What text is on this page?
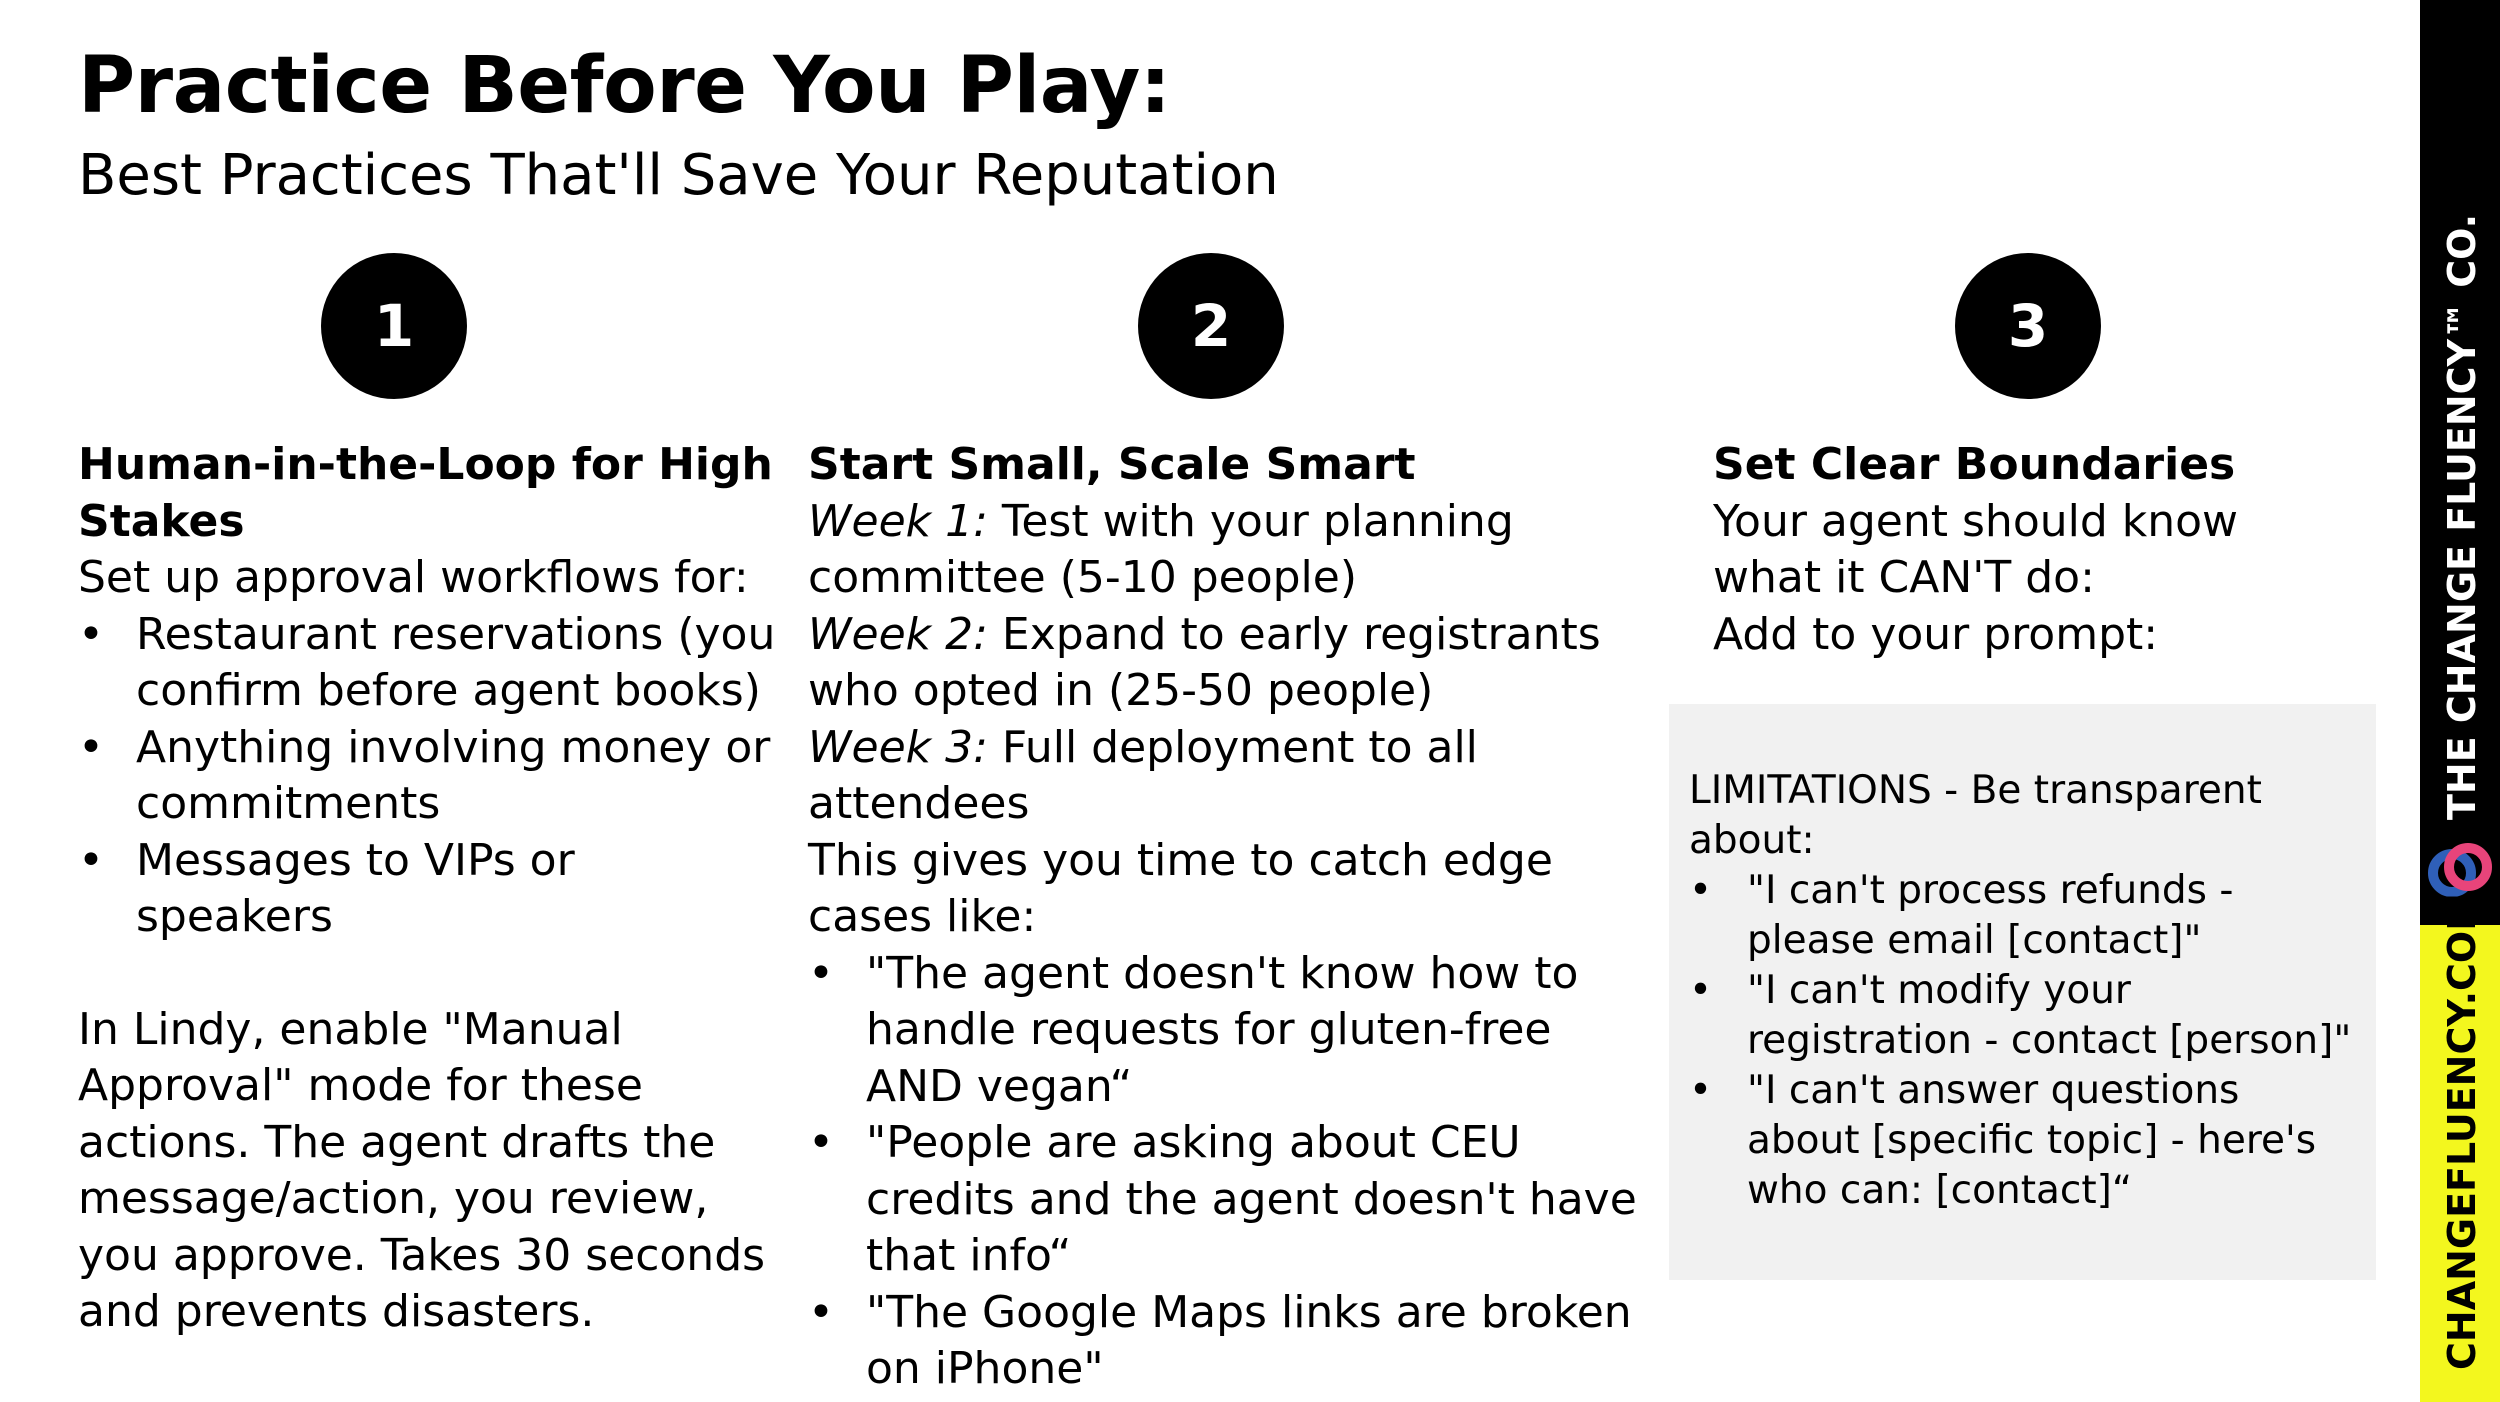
Practice Before You Play:
Best Practices That'll Save Your Reputation
1	2	3

Human-in-the-Loop for High Stakes

Set up approval workflows for:

• Restaurant reservations (you confirm before agent books)
• Anything involving money or commitments
• Messages to VIPs or speakers

In Lindy, enable "Manual Approval" mode for these actions. The agent drafts the message/action, you review, you approve. Takes 30 seconds and prevents disasters.

Start Small, Scale Smart

Week 1: Test with your planning committee (5-10 people)

Week 2: Expand to early registrants who opted in (25-50 people)

Week 3: Full deployment to all attendees

This gives you time to catch edge cases like:

• "The agent doesn't know how to handle requests for gluten-free AND vegan“
• "People are asking about CEU credits and the agent doesn't have that info“
• "The Google Maps links are broken on iPhone"

Set Clear Boundaries

Your agent should know

what it CAN'T do:

Add to your prompt:

LIMITATIONS - Be transparent about:

• "I can't process refunds - please email [contact]"
• "I can't modify your registration - contact [person]"
• "I can't answer questions about [specific topic] - here's who can: [contact]“
THE CHANGE FLUENCY™ CO.
CHANGEFLUENCY.COM
